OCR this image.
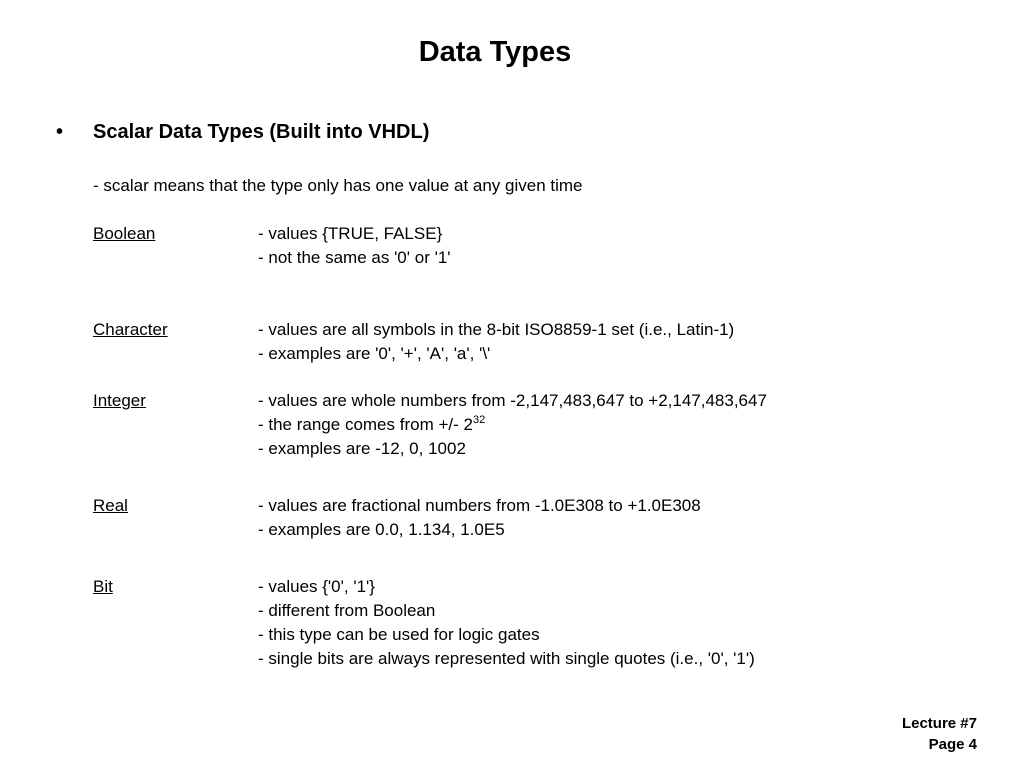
Data Types
• Scalar Data Types (Built into VHDL)
- scalar means that the type only has one value at any given time
Boolean	- values {TRUE, FALSE}
- not the same as '0' or '1'
Character	- values are all symbols in the 8-bit ISO8859-1 set (i.e., Latin-1)
- examples are '0', '+', 'A', 'a', '\'
Integer	- values are whole numbers from -2,147,483,647 to +2,147,483,647
- the range comes from +/- $2^{32}$
- examples are -12, 0, 1002
Real	- values are fractional numbers from -1.0E308 to +1.0E308
- examples are 0.0, 1.134, 1.0E5
Bit	- values {'0', '1'}
- different from Boolean
- this type can be used for logic gates
- single bits are always represented with single quotes (i.e., '0', '1')
Lecture #7
Page 4
